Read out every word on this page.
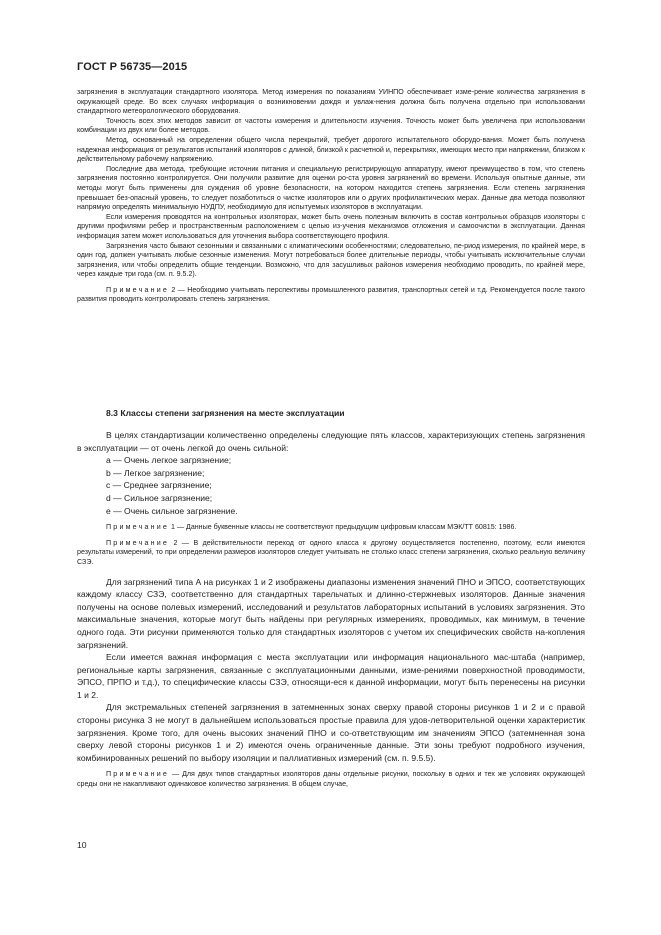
ГОСТ Р 56735—2015

загрязнения в эксплуатации стандартного изолятора. Метод измерения по показаниям УИНПО обеспечивает изме-рение количества загрязнения в окружающей среде. Во всех случаях информация о возникновении дождя и увлаж-нения должна быть получена отдельно при использовании стандартного метеорологического оборудования.

Точность всех этих методов зависит от частоты измерения и длительности изучения. Точность может быть увеличена при использовании комбинации из двух или более методов.

Метод, основанный на определении общего числа перекрытий, требует дорогого испытательного оборудо-вания. Может быть получена надежная информация от результатов испытаний изоляторов с длиной, близкой к расчетной и, перекрытиях, имеющих место при напряжении, близком к действительному рабочему напряжению.

Последние два метода, требующие источник питания и специальную регистрирующую аппаратуру, имеют преимущество в том, что степень загрязнения постоянно контролируется. Они получили развитие для оценки ро-ста уровня загрязнений во времени. Используя опытные данные, эти методы могут быть применены для суждения об уровне безопасности, на котором находится степень загрязнения. Если степень загрязнения превышает без-опасный уровень, то следует позаботиться о чистке изоляторов или о других профилактических мерах. Данные два метода позволяют напрямую определять минимальную НУДПУ, необходимую для испытуемых изоляторов в эксплуатации.

Если измерения проводятся на контрольных изоляторах, может быть очень полезным включить в состав контрольных образцов изоляторы с другими профилями ребер и пространственным расположением с целью из-учения механизмов отложения и самоочистки в эксплуатации. Данная информация затем может использоваться для уточнения выбора соответствующего профиля.

Загрязнения часто бывают сезонными и связанными с климатическими особенностями; следовательно, пе-риод измерения, по крайней мере, в один год, должен учитывать любые сезонные изменения. Могут потребоваться более длительные периоды, чтобы учитывать исключительные случаи загрязнения, или чтобы определить общие тенденции. Возможно, что для засушливых районов измерения необходимо проводить, по крайней мере, через каждые три года (см. п. 9.5.2).

Примечание 2 — Необходимо учитывать перспективы промышленного развития, транспортных сетей и т.д. Рекомендуется после такого развития проводить контролировать степень загрязнения.

8.3 Классы степени загрязнения на месте эксплуатации

В целях стандартизации количественно определены следующие пять классов, характеризующих степень загрязнения в эксплуатации — от очень легкой до очень сильной:

а — Очень легкое загрязнение;
b — Легкое загрязнение;
с — Среднее загрязнение;
d — Сильное загрязнение;
е — Очень сильное загрязнение.

Примечание 1 — Данные буквенные классы не соответствуют предыдущим цифровым классам МЭК/ТТ 60815: 1986.

Примечание 2 — В действительности переход от одного класса к другому осуществляется постепенно, поэтому, если имеются результаты измерений, то при определении размеров изоляторов следует учитывать не столько класс степени загрязнения, сколько реальную величину СЗЭ.

Для загрязнений типа А на рисунках 1 и 2 изображены диапазоны изменения значений ПНО и ЭПСО, соответствующих каждому классу СЗЭ, соответственно для стандартных тарельчатых и длинно-стержневых изоляторов. Данные значения получены на основе полевых измерений, исследований и результатов лабораторных испытаний в условиях загрязнения. Это максимальные значения, которые могут быть найдены при регулярных измерениях, проводимых, как минимум, в течение одного года. Эти рисунки применяются только для стандартных изоляторов с учетом их специфических свойств на-копления загрязнений.

Если имеется важная информация с места эксплуатации или информация национального мас-штаба (например, региональные карты загрязнения, связанные с эксплуатационными данными, изме-рениями поверхностной проводимости, ЭПСО, ПРПО и т.д.), то специфические классы СЗЭ, относящи-еся к данной информации, могут быть перенесены на рисунки 1 и 2.

Для экстремальных степеней загрязнения в затемненных зонах сверху правой стороны рисунков 1 и 2 и с правой стороны рисунка 3 не могут в дальнейшем использоваться простые правила для удов-летворительной оценки характеристик загрязнения. Кроме того, для очень высоких значений ПНО и со-ответствующим им значениям ЭПСО (затемненная зона сверху левой стороны рисунков 1 и 2) имеются очень ограниченные данные. Эти зоны требуют подробного изучения, комбинированных решений по выбору изоляции и паллиативных измерений (см. п. 9.5.5).

Примечание — Для двух типов стандартных изоляторов даны отдельные рисунки, поскольку в одних и тех же условиях окружающей среды они не накапливают одинаковое количество загрязнения. В общем случае,

10
